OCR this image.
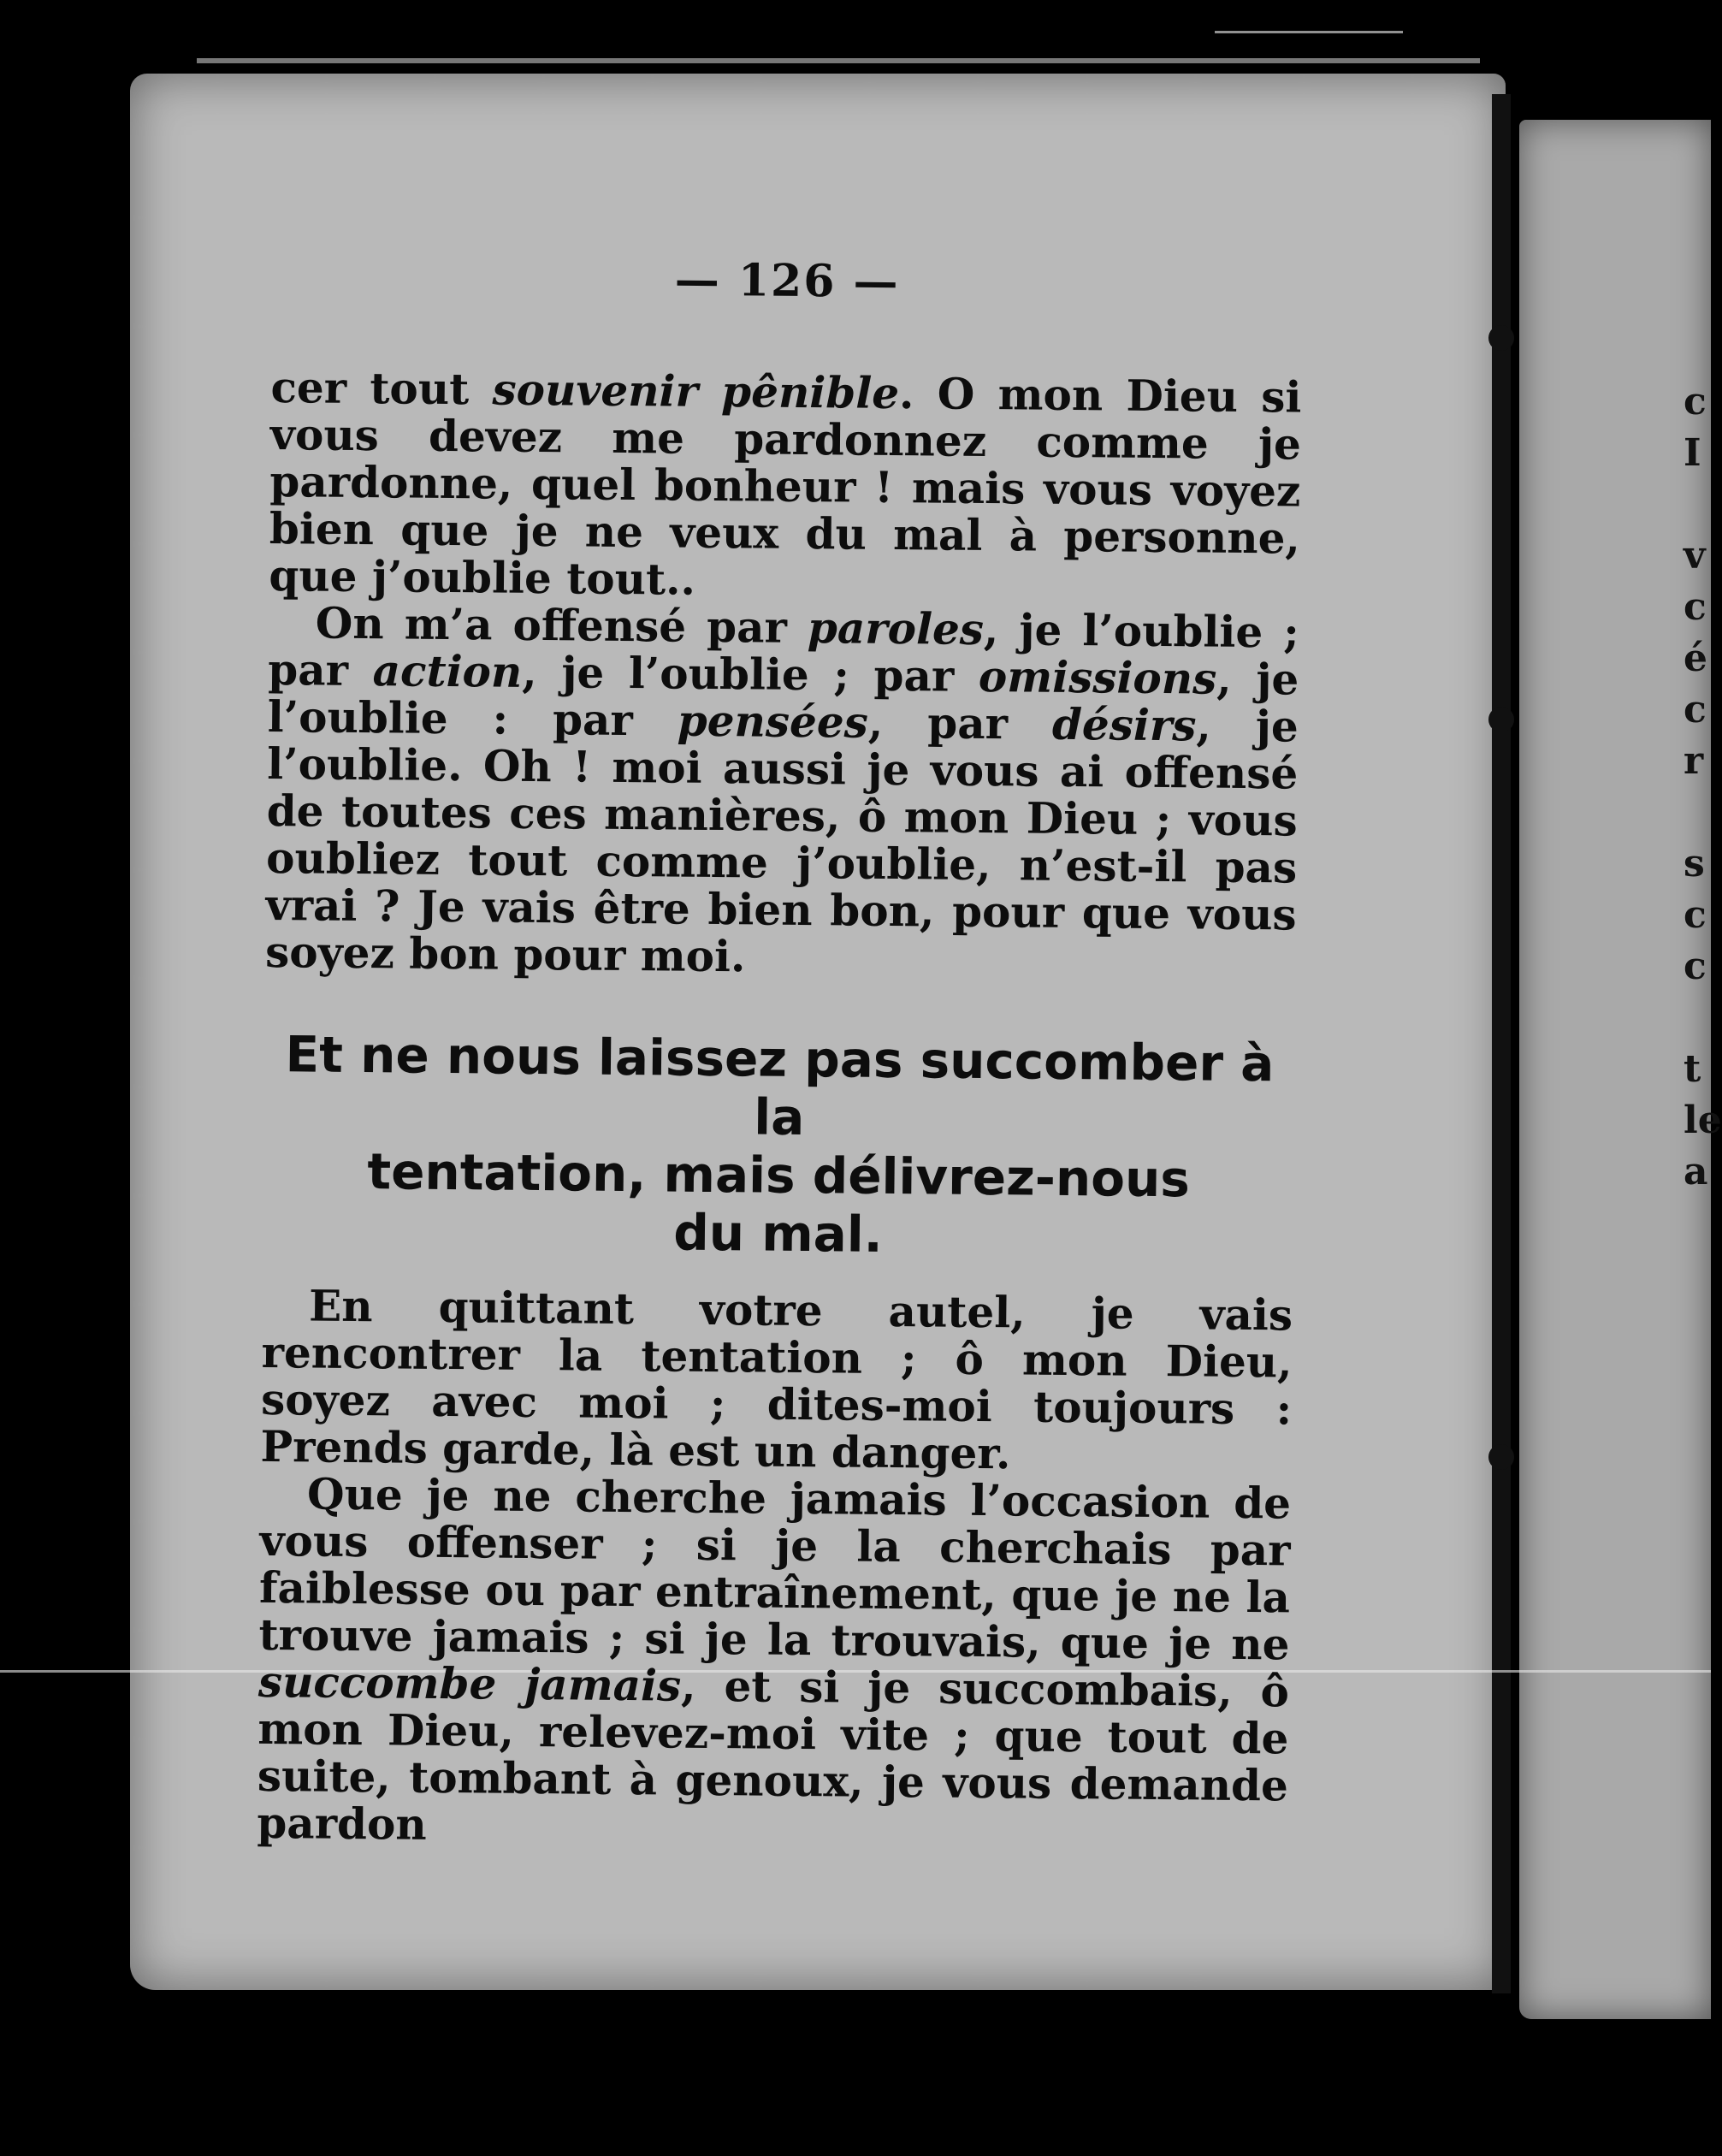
c
I
v
c
é
c
r
s
c
c
t
le
a
— 126 —

cer tout souvenir pênible. O mon Dieu si vous devez me pardonnez comme je pardonne, quel bonheur ! mais vous voyez bien que je ne veux du mal à personne, que j’oublie tout..

On m’a offensé par paroles, je l’oublie ; par action, je l’oublie ; par omissions, je l’oublie : par pensées, par désirs, je l’oublie. Oh ! moi aussi je vous ai offensé de toutes ces manières, ô mon Dieu ; vous oubliez tout comme j’oublie, n’est-il pas vrai ? Je vais être bien bon, pour que vous soyez bon pour moi.

Et ne nous laissez pas succomber à la
tentation, mais délivrez-nous
du mal.

En quittant votre autel, je vais rencontrer la tentation ; ô mon Dieu, soyez avec moi ; dites-moi toujours : Prends garde, là est un danger.

Que je ne cherche jamais l’occasion de vous offenser ; si je la cherchais par faiblesse ou par entraînement, que je ne la trouve jamais ; si je la trouvais, que je ne succombe jamais, et si je succombais, ô mon Dieu, relevez-moi vite ; que tout de suite, tombant à genoux, je vous demande pardon
